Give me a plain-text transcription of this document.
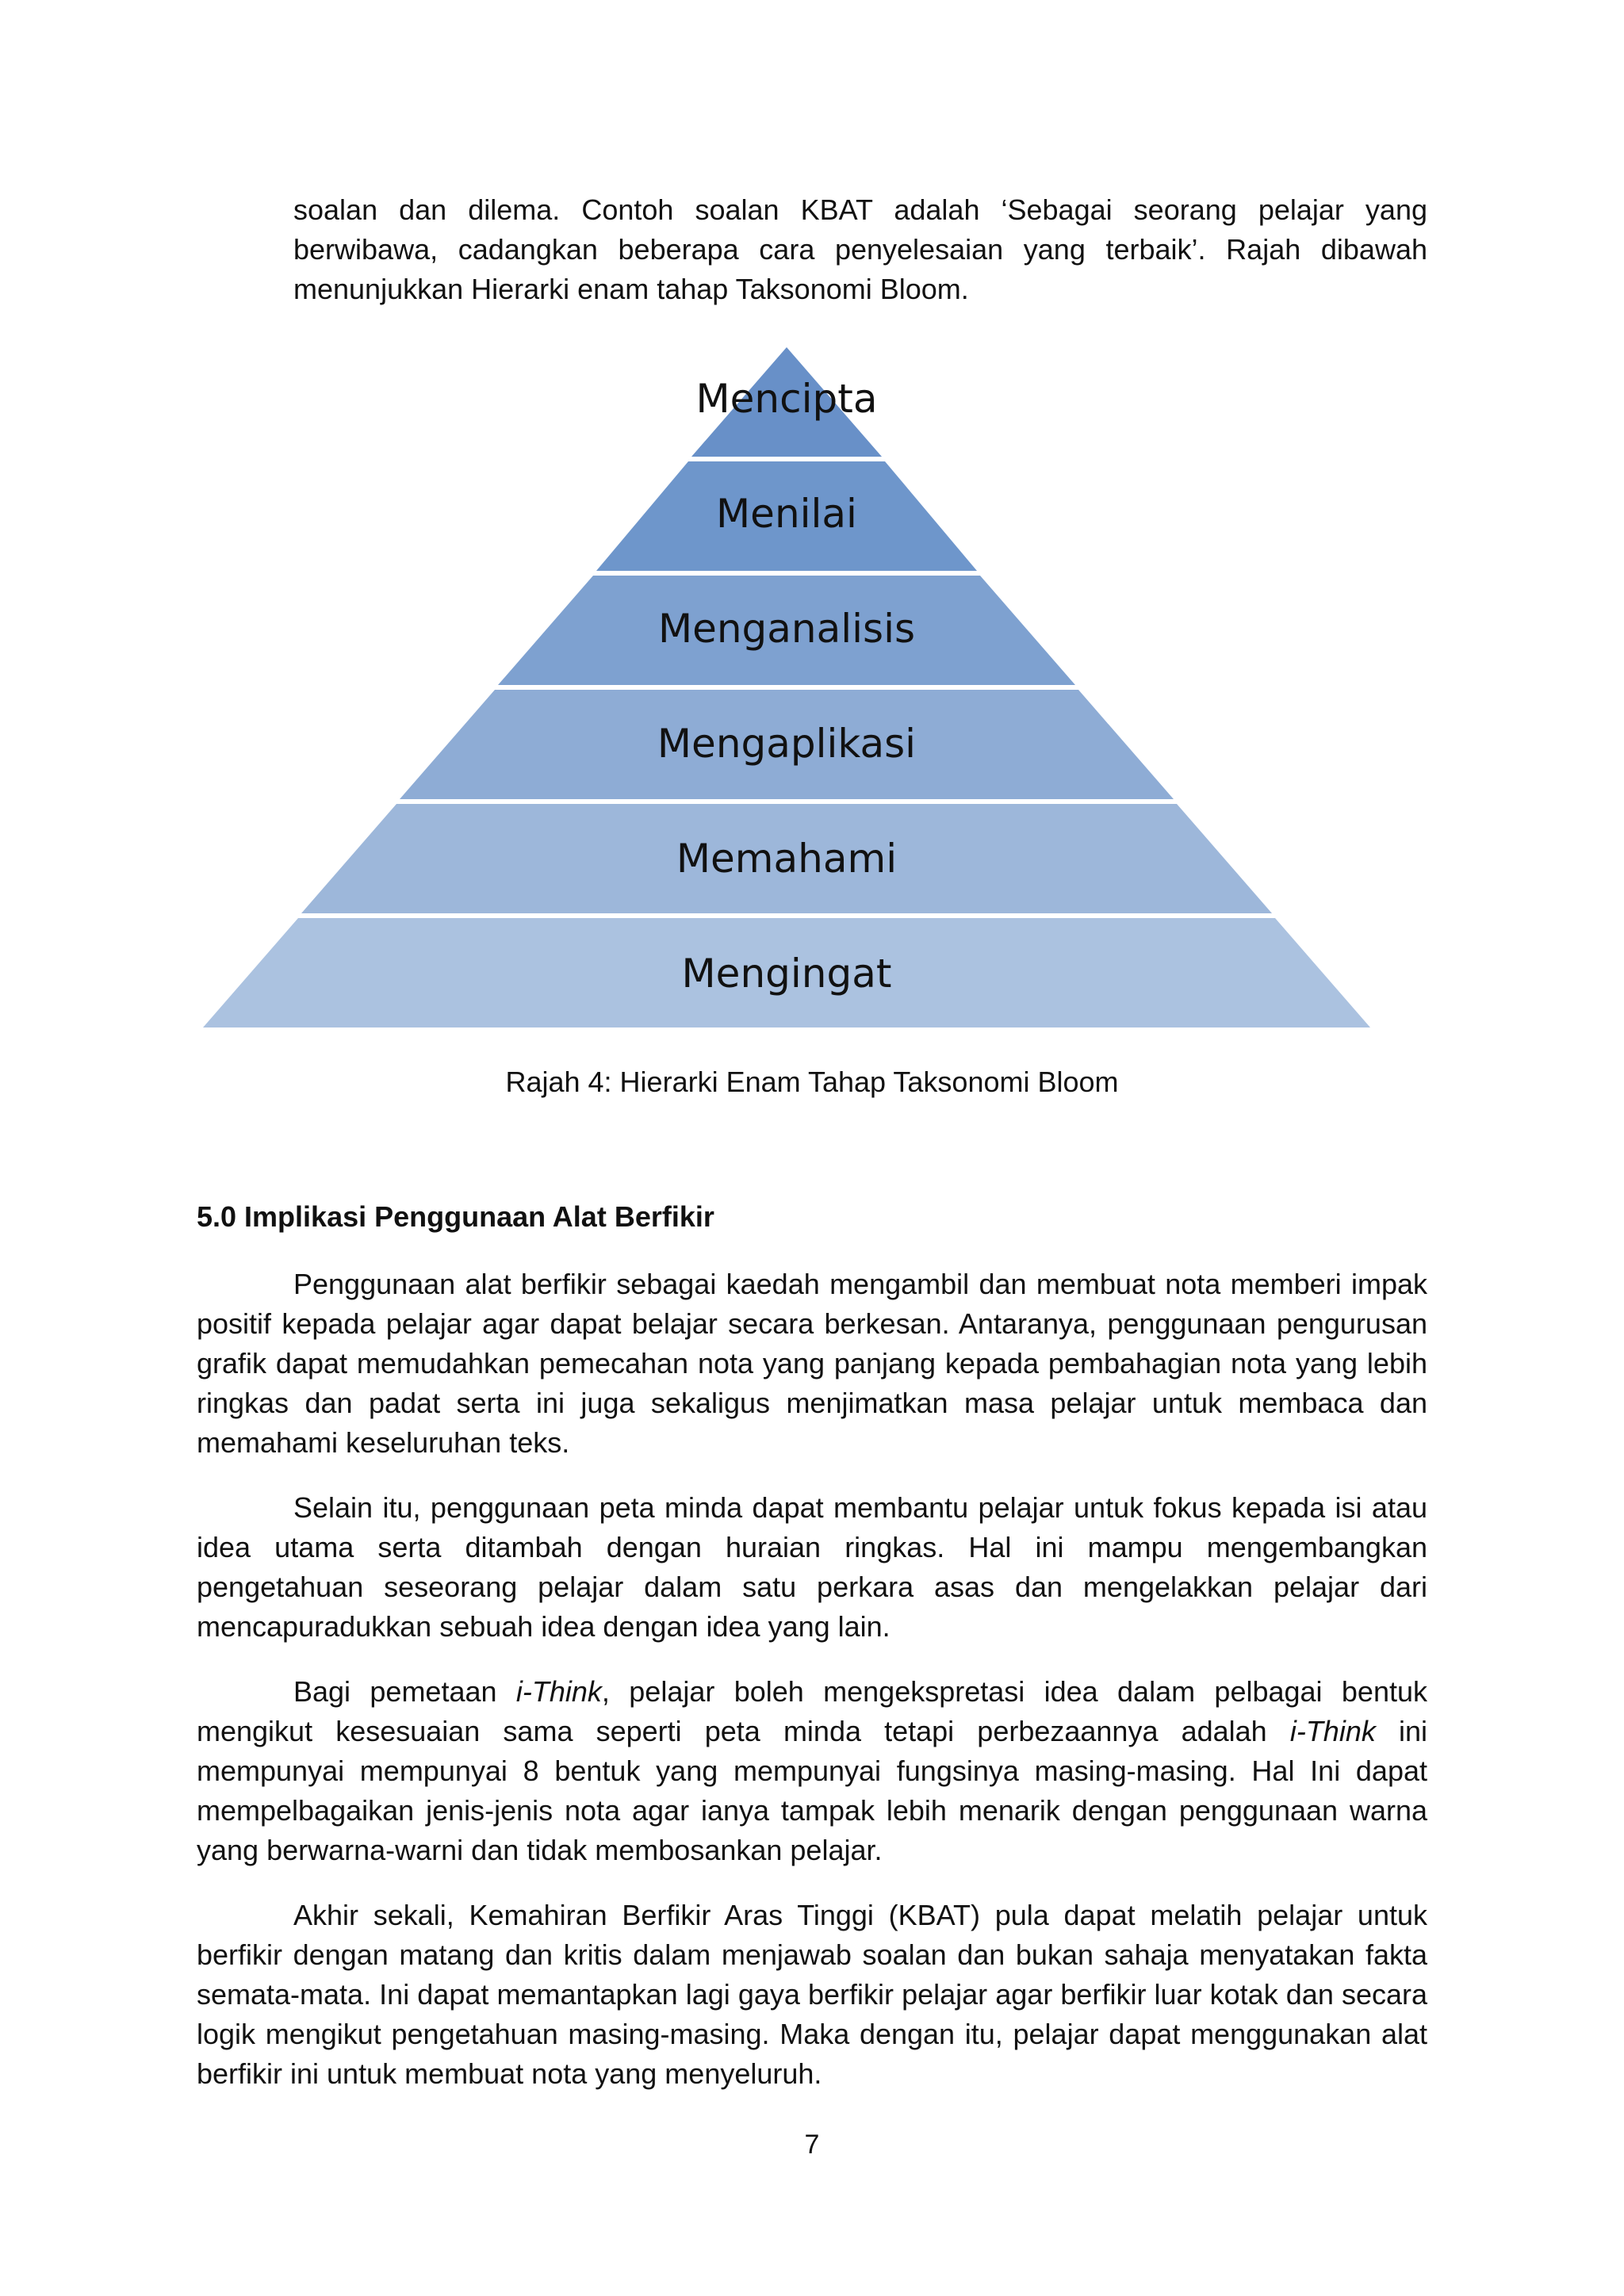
soalan dan dilema. Contoh soalan KBAT adalah ‘Sebagai seorang pelajar yang berwibawa, cadangkan beberapa cara penyelesaian yang terbaik’. Rajah dibawah menunjukkan Hierarki enam tahap Taksonomi Bloom.

Mencipta
Menilai
Menganalisis
Mengaplikasi
Memahami
Mengingat

Rajah 4: Hierarki Enam Tahap Taksonomi Bloom

5.0 Implikasi Penggunaan Alat Berfikir

Penggunaan alat berfikir sebagai kaedah mengambil dan membuat nota memberi impak positif kepada pelajar agar dapat belajar secara berkesan. Antaranya, penggunaan pengurusan grafik dapat memudahkan pemecahan nota yang panjang kepada pembahagian nota yang lebih ringkas dan padat serta ini juga sekaligus menjimatkan masa pelajar untuk membaca dan memahami keseluruhan teks.

Selain itu, penggunaan peta minda dapat membantu pelajar untuk fokus kepada isi atau idea utama serta ditambah dengan huraian ringkas. Hal ini mampu mengembangkan pengetahuan seseorang pelajar dalam satu perkara asas dan mengelakkan pelajar dari mencapuradukkan sebuah idea dengan idea yang lain.

Bagi pemetaan i-Think, pelajar boleh mengekspretasi idea dalam pelbagai bentuk mengikut kesesuaian sama seperti peta minda tetapi perbezaannya adalah i-Think ini mempunyai mempunyai 8 bentuk yang mempunyai fungsinya masing-masing. Hal Ini dapat mempelbagaikan jenis-jenis nota agar ianya tampak lebih menarik dengan penggunaan warna yang berwarna-warni dan tidak membosankan pelajar.

Akhir sekali, Kemahiran Berfikir Aras Tinggi (KBAT) pula dapat melatih pelajar untuk berfikir dengan matang dan kritis dalam menjawab soalan dan bukan sahaja menyatakan fakta semata-mata. Ini dapat memantapkan lagi gaya berfikir pelajar agar berfikir luar kotak dan secara logik mengikut pengetahuan masing-masing. Maka dengan itu, pelajar dapat menggunakan alat berfikir ini untuk membuat nota yang menyeluruh.

7
